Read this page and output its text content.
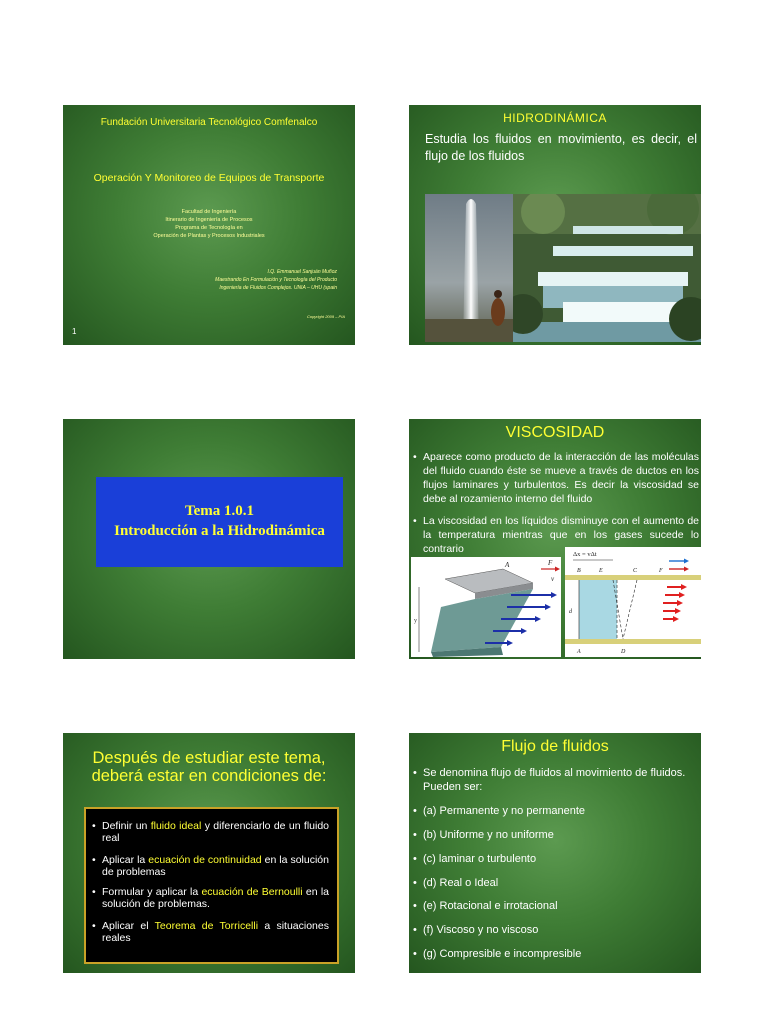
Fundación Universitaria Tecnológico Comfenalco
Operación Y Monitoreo de Equipos de Transporte
Facultad de Ingeniería
Itinerario de Ingeniería de Procesos
Programa de Tecnología en
Operación de Plantas y Procesos Industriales
I.Q. Emmanuel Sanjuán Muñoz
Maestrando En Formulación y Tecnología del Producto
Ingeniería de Fluidos Complejos. UNIA – UHU (spain
Copyright 2009 – PIA
1
HIDRODINÁMICA
Estudia los fluidos en movimiento, es decir, el flujo de los fluidos
Tema 1.0.1
Introducción a la Hidrodinámica
VISCOSIDAD
• Aparece como producto de la interacción de las moléculas del fluido cuando éste se mueve a través de ductos en los flujos laminares y turbulentos. Es decir la viscosidad se debe al rozamiento interno del fluido
• La viscosidad en los líquidos disminuye con el aumento de la temperatura mientras que en los gases sucede lo contrario
y
A	F
v
Δx = vΔt
B	E	C	F
A	D
d
Después de estudiar este tema,
deberá estar en condiciones de:
• Definir un fluido ideal y diferenciarlo de un fluido real
• Aplicar la ecuación de continuidad en la solución de problemas
• Formular y aplicar la ecuación de Bernoulli en la solución de problemas.
• Aplicar el Teorema de Torricelli a situaciones reales
Flujo de fluidos
• Se denomina flujo de fluidos al movimiento de fluidos. Pueden ser:
• (a) Permanente y no permanente
• (b) Uniforme y no uniforme
• (c) laminar o turbulento
• (d) Real o Ideal
• (e) Rotacional e irrotacional
• (f) Viscoso y no viscoso
• (g) Compresible e incompresible
